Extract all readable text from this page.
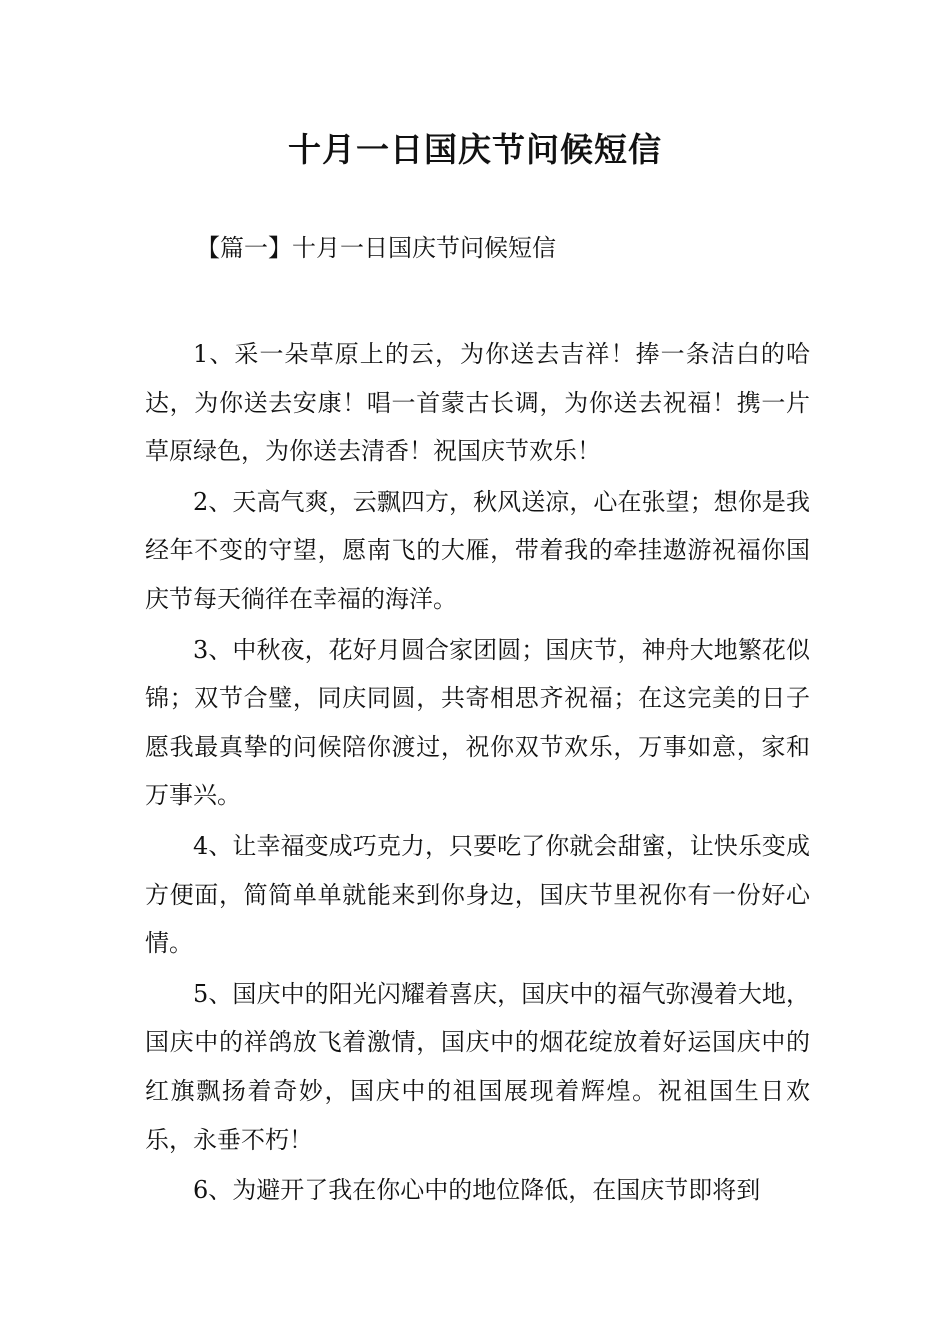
十月一日国庆节问候短信
【篇一】十月一日国庆节问候短信

1、采一朵草原上的云，为你送去吉祥！捧一条洁白的哈达，为你送去安康！唱一首蒙古长调，为你送去祝福！携一片草原绿色，为你送去清香！祝国庆节欢乐！

2、天高气爽，云飘四方，秋风送凉，心在张望；想你是我经年不变的守望，愿南飞的大雁，带着我的牵挂遨游祝福你国庆节每天徜徉在幸福的海洋。

3、中秋夜，花好月圆合家团圆；国庆节，神舟大地繁花似锦；双节合璧，同庆同圆，共寄相思齐祝福；在这完美的日子愿我最真挚的问候陪你渡过，祝你双节欢乐，万事如意，家和万事兴。

4、让幸福变成巧克力，只要吃了你就会甜蜜，让快乐变成方便面，简简单单就能来到你身边，国庆节里祝你有一份好心情。

5、国庆中的阳光闪耀着喜庆，国庆中的福气弥漫着大地，国庆中的祥鸽放飞着激情，国庆中的烟花绽放着好运国庆中的红旗飘扬着奇妙，国庆中的祖国展现着辉煌。祝祖国生日欢乐，永垂不朽！

6、为避开了我在你心中的地位降低，在国庆节即将到
